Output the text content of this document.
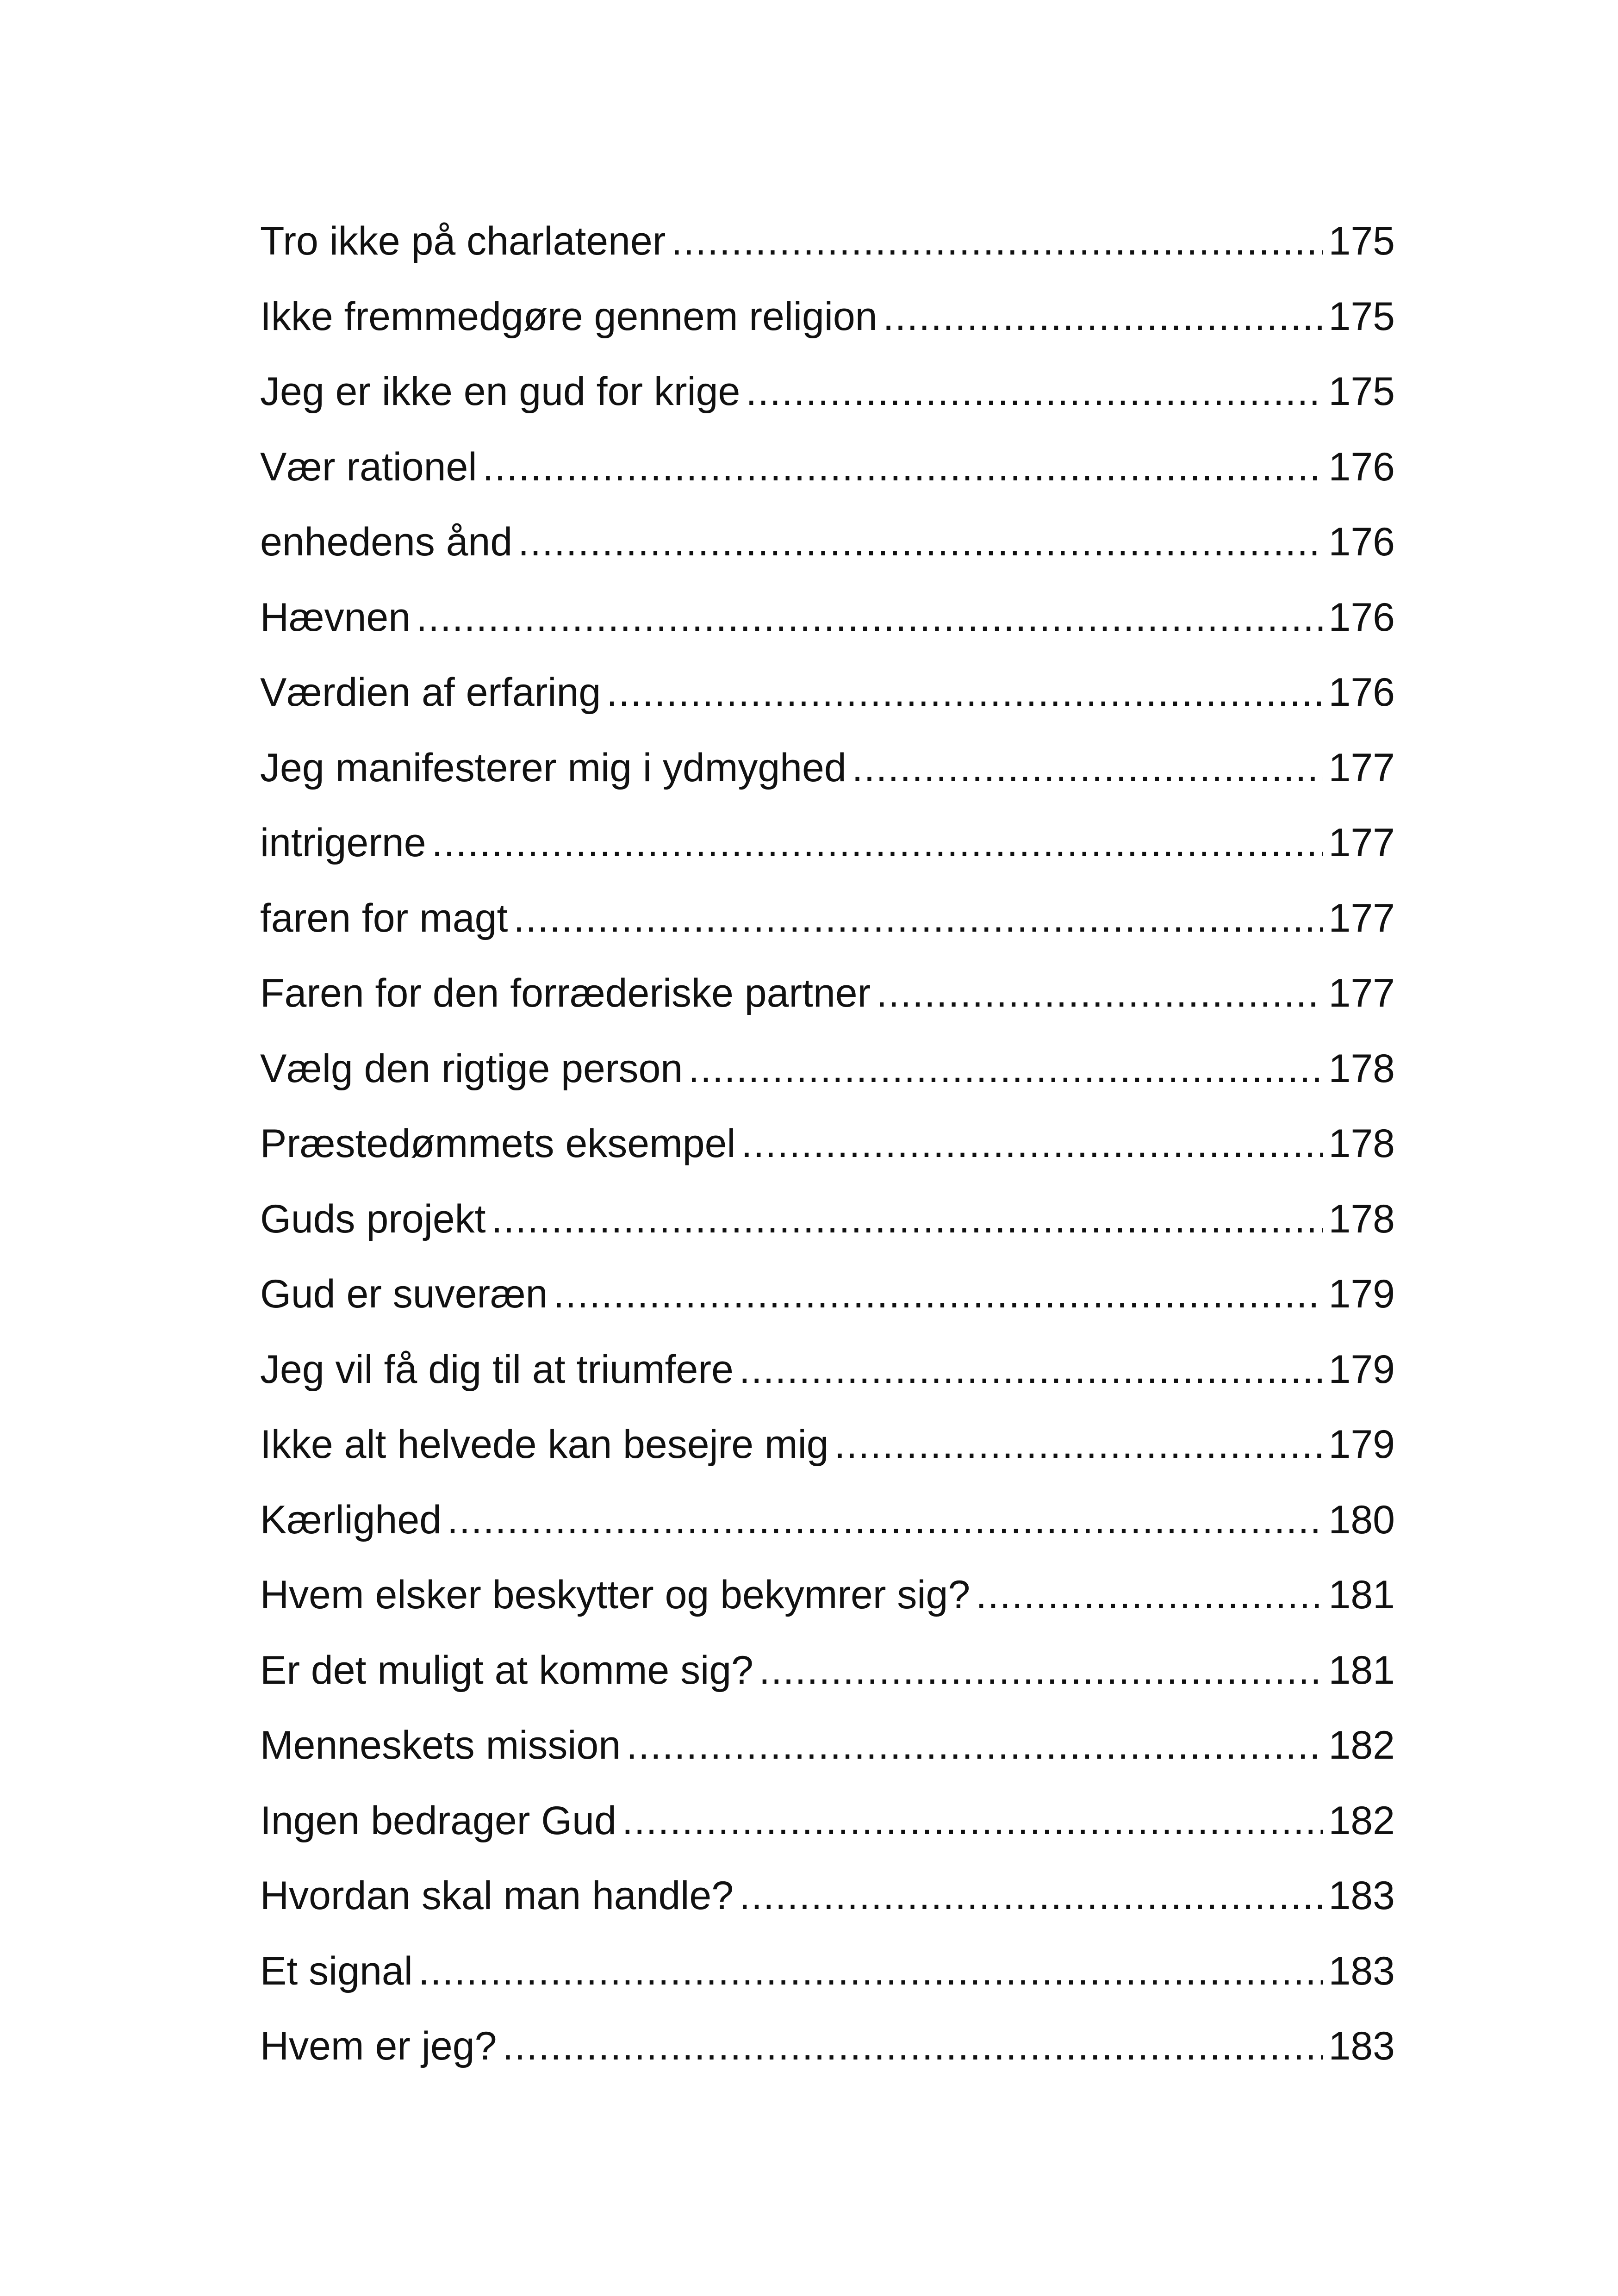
Tro ikke på charlatener .....	175
Ikke fremmedgøre gennem religion .....	175
Jeg er ikke en gud for krige .....	175
Vær rationel .....	176
enhedens ånd .....	176
Hævnen .....	176
Værdien af erfaring .....	176
Jeg manifesterer mig i ydmyghed .....	177
intrigerne .....	177
faren for magt .....	177
Faren for den forræderiske partner .....	177
Vælg den rigtige person .....	178
Præstedømmets eksempel .....	178
Guds projekt .....	178
Gud er suveræn .....	179
Jeg vil få dig til at triumfere .....	179
Ikke alt helvede kan besejre mig .....	179
Kærlighed .....	180
Hvem elsker beskytter og bekymrer sig? .....	181
Er det muligt at komme sig? .....	181
Menneskets mission .....	182
Ingen bedrager Gud .....	182
Hvordan skal man handle? .....	183
Et signal .....	183
Hvem er jeg? .....	183
